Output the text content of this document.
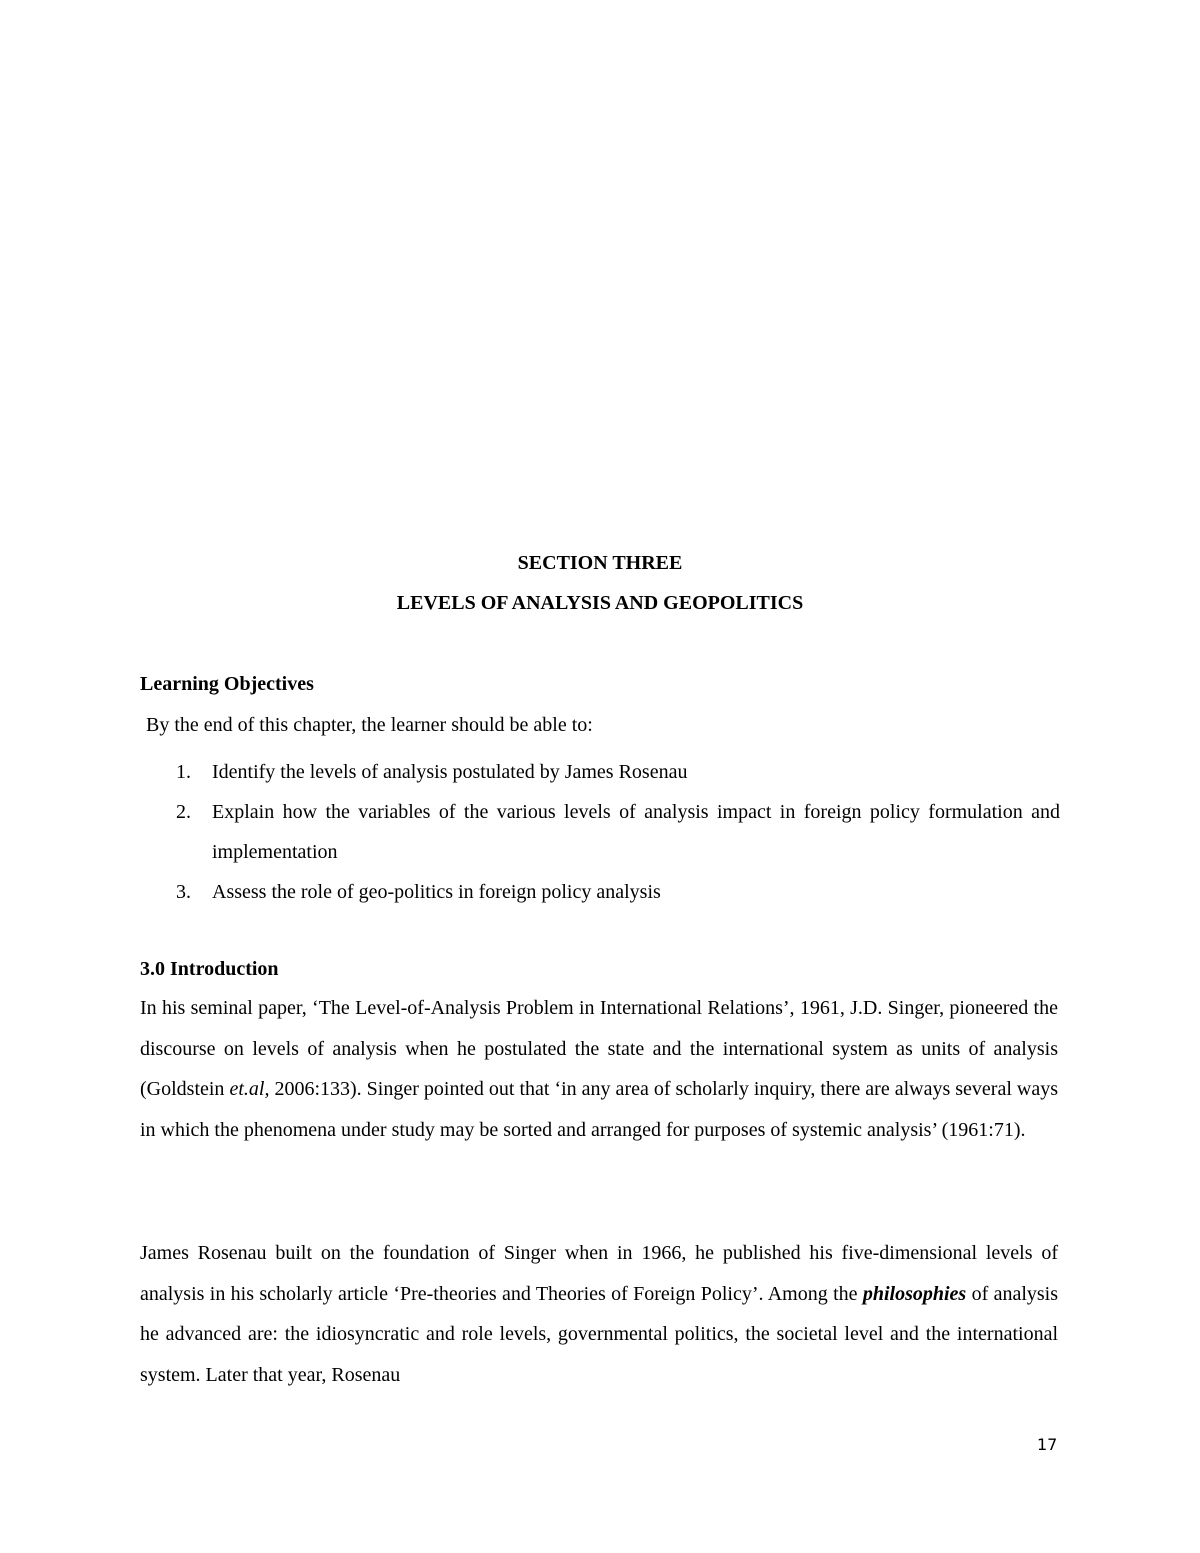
SECTION THREE
LEVELS OF ANALYSIS AND GEOPOLITICS
Learning Objectives
By the end of this chapter, the learner should be able to:
1. Identify the levels of analysis postulated by James Rosenau
2. Explain how the variables of the various levels of analysis impact in foreign policy formulation and implementation
3. Assess the role of geo-politics in foreign policy analysis
3.0 Introduction

In his seminal paper, ‘The Level-of-Analysis Problem in International Relations’, 1961, J.D. Singer, pioneered the discourse on levels of analysis when he postulated the state and the international system as units of analysis (Goldstein et.al, 2006:133). Singer pointed out that ‘in any area of scholarly inquiry, there are always several ways in which the phenomena under study may be sorted and arranged for purposes of systemic analysis’ (1961:71).

James Rosenau built on the foundation of Singer when in 1966, he published his five-dimensional levels of analysis in his scholarly article ‘Pre-theories and Theories of Foreign Policy’. Among the philosophies of analysis he advanced are: the idiosyncratic and role levels, governmental politics, the societal level and the international system. Later that year, Rosenau

17
